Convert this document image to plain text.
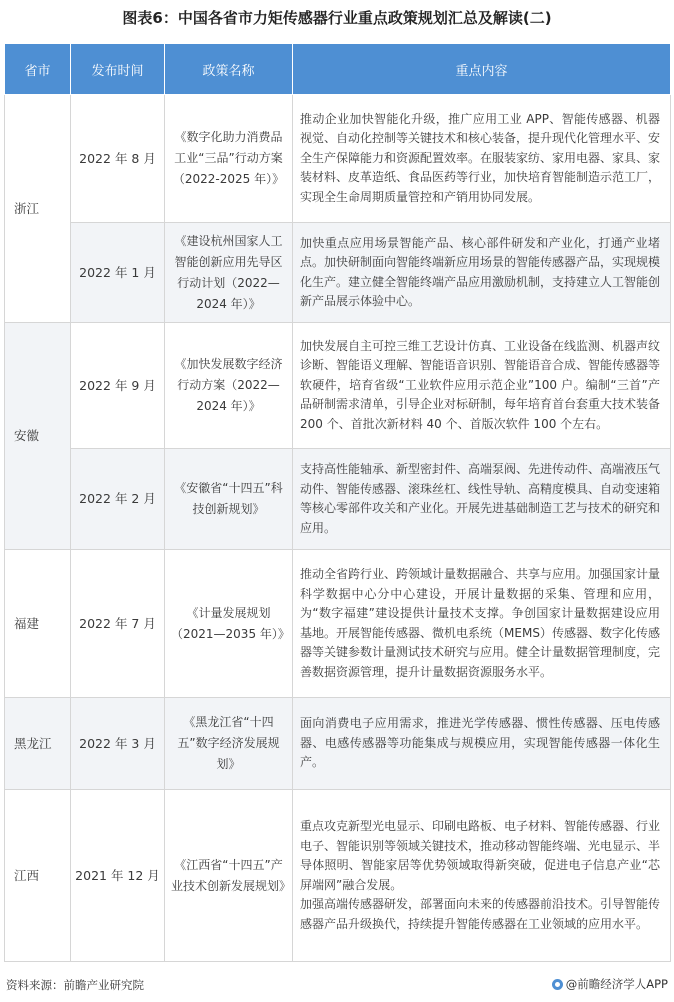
图表6：中国各省市力矩传感器行业重点政策规划汇总及解读(二)
省市	发布时间	政策名称	重点内容
浙江	2022 年 8 月	《数字化助力消费品工业“三品”行动方案（2022-2025 年）》	推动企业加快智能化升级，推广应用工业 APP、智能传感器、机器视觉、自动化控制等关键技术和核心装备，提升现代化管理水平、安全生产保障能力和资源配置效率。在服装家纺、家用电器、家具、家装材料、皮革造纸、食品医药等行业，加快培育智能制造示范工厂，实现全生命周期质量管控和产销用协同发展。
	2022 年 1 月	《建设杭州国家人工智能创新应用先导区行动计划（2022—2024 年）》	加快重点应用场景智能产品、核心部件研发和产业化，打通产业堵点。加快研制面向智能终端新应用场景的智能传感器产品，实现规模化生产。建立健全智能终端产品应用激励机制，支持建立人工智能创新产品展示体验中心。
安徽	2022 年 9 月	《加快发展数字经济行动方案（2022—2024 年）》	加快发展自主可控三维工艺设计仿真、工业设备在线监测、机器声纹诊断、智能语义理解、智能语音识别、智能语音合成、智能传感器等软硬件，培育省级“工业软件应用示范企业”100 户。编制“三首”产品研制需求清单，引导企业对标研制，每年培育首台套重大技术装备 200 个、首批次新材料 40 个、首版次软件 100 个左右。
	2022 年 2 月	《安徽省“十四五”科技创新规划》	支持高性能轴承、新型密封件、高端泵阀、先进传动件、高端液压气动件、智能传感器、滚珠丝杠、线性导轨、高精度模具、自动变速箱等核心零部件攻关和产业化。开展先进基础制造工艺与技术的研究和应用。
福建	2022 年 7 月	《计量发展规划（2021—2035 年）》	推动全省跨行业、跨领域计量数据融合、共享与应用。加强国家计量科学数据中心分中心建设，开展计量数据的采集、管理和应用，为“数字福建”建设提供计量技术支撑。争创国家计量数据建设应用基地。开展智能传感器、微机电系统（MEMS）传感器、数字化传感器等关键参数计量测试技术研究与应用。健全计量数据管理制度，完善数据资源管理，提升计量数据资源服务水平。
黑龙江	2022 年 3 月	《黑龙江省“十四五”数字经济发展规划》	面向消费电子应用需求，推进光学传感器、惯性传感器、压电传感器、电感传感器等功能集成与规模应用，实现智能传感器一体化生产。
江西	2021 年 12 月	《江西省“十四五”产业技术创新发展规划》	重点攻克新型光电显示、印刷电路板、电子材料、智能传感器、行业电子、智能识别等领域关键技术，推动移动智能终端、光电显示、半导体照明、智能家居等优势领域取得新突破，促进电子信息产业“芯屏端网”融合发展。
加强高端传感器研发，部署面向未来的传感器前沿技术。引导智能传感器产品升级换代，持续提升智能传感器在工业领域的应用水平。
资料来源：前瞻产业研究院	@前瞻经济学人APP
